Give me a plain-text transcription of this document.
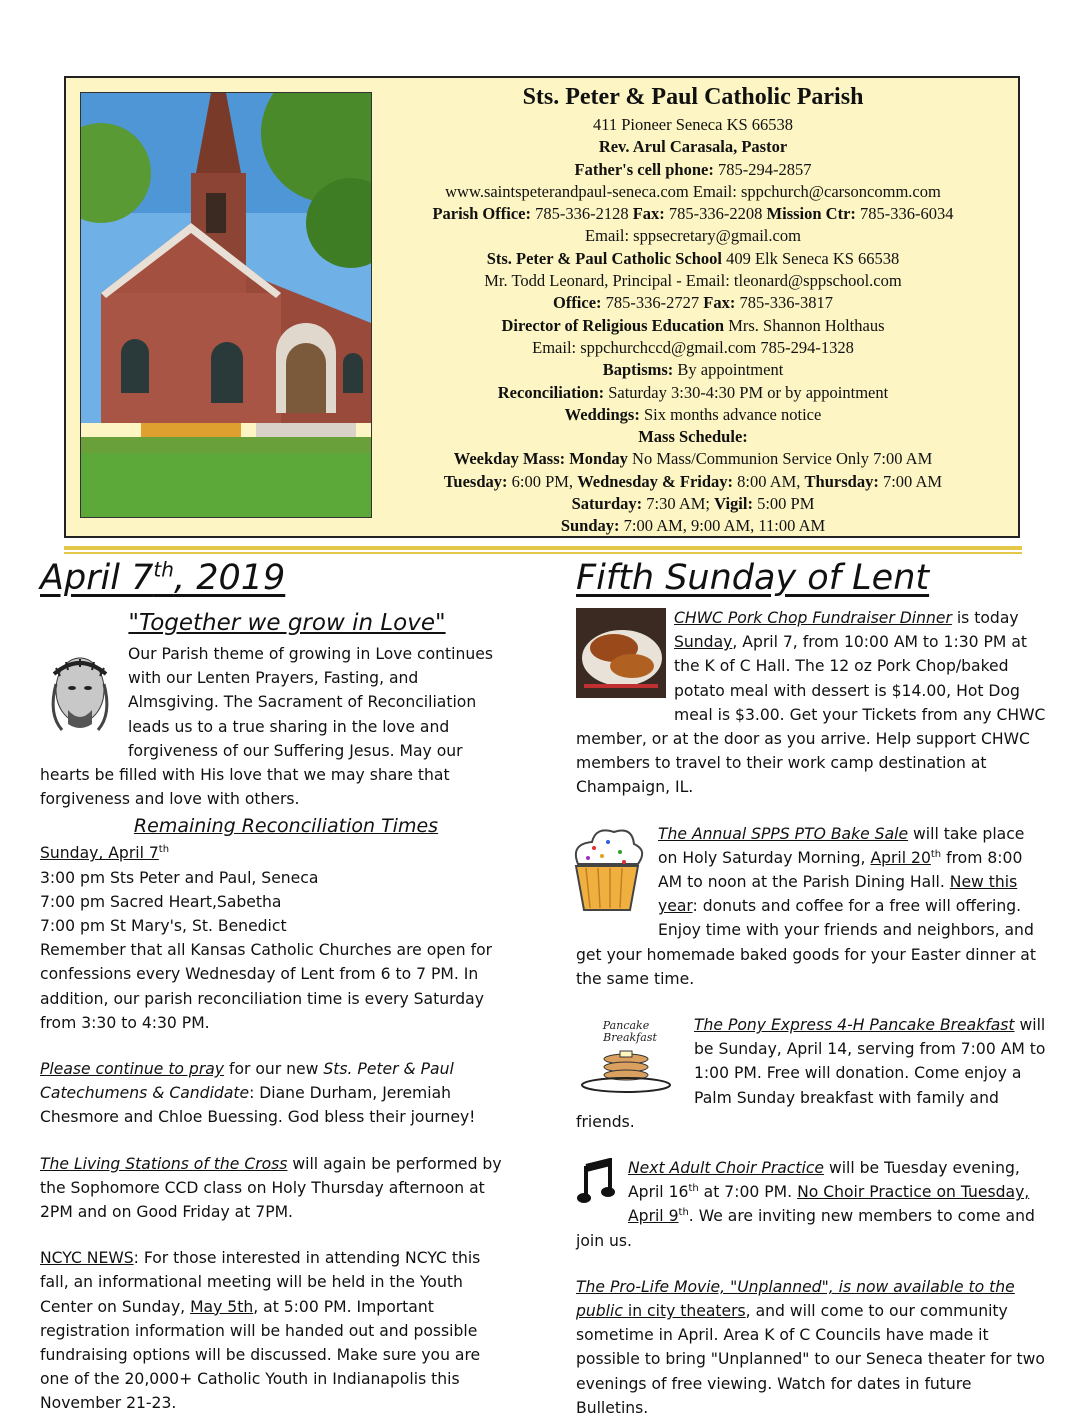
Sts. Peter & Paul Catholic Parish
411 Pioneer Seneca KS 66538
Rev. Arul Carasala, Pastor
Father's cell phone: 785-294-2857
www.saintspeterandpaul-seneca.com Email: sppchurch@carsoncomm.com
Parish Office: 785-336-2128 Fax: 785-336-2208 Mission Ctr: 785-336-6034
Email: sppsecretary@gmail.com
Sts. Peter & Paul Catholic School 409 Elk Seneca KS 66538
Mr. Todd Leonard, Principal - Email: tleonard@sppschool.com
Office: 785-336-2727 Fax: 785-336-3817
Director of Religious Education Mrs. Shannon Holthaus
Email: sppchurchccd@gmail.com 785-294-1328
Baptisms: By appointment
Reconciliation: Saturday 3:30-4:30 PM or by appointment
Weddings: Six months advance notice
Mass Schedule:
Weekday Mass: Monday No Mass/Communion Service Only 7:00 AM
Tuesday: 6:00 PM, Wednesday & Friday: 8:00 AM, Thursday: 7:00 AM
Saturday: 7:30 AM; Vigil: 5:00 PM
Sunday: 7:00 AM, 9:00 AM, 11:00 AM
April 7th, 2019
"Together we grow in Love"

Our Parish theme of growing in Love continues with our Lenten Prayers, Fasting, and Almsgiving. The Sacrament of Reconciliation leads us to a true sharing in the love and forgiveness of our Suffering Jesus. May our hearts be filled with His love that we may share that forgiveness and love with others.

Remaining Reconciliation Times

Sunday, April 7th

3:00 pm Sts Peter and Paul, Seneca

7:00 pm Sacred Heart,Sabetha

7:00 pm St Mary's, St. Benedict

Remember that all Kansas Catholic Churches are open for confessions every Wednesday of Lent from 6 to 7 PM. In addition, our parish reconciliation time is every Saturday from 3:30 to 4:30 PM.

Please continue to pray for our new Sts. Peter & Paul Catechumens & Candidate: Diane Durham, Jeremiah Chesmore and Chloe Buessing. God bless their journey!

The Living Stations of the Cross will again be performed by the Sophomore CCD class on Holy Thursday afternoon at 2PM and on Good Friday at 7PM.

NCYC NEWS: For those interested in attending NCYC this fall, an informational meeting will be held in the Youth Center on Sunday, May 5th, at 5:00 PM. Important registration information will be handed out and possible fundraising options will be discussed. Make sure you are one of the 20,000+ Catholic Youth in Indianapolis this November 21-23.

Fifth Sunday of Lent

CHWC Pork Chop Fundraiser Dinner is today Sunday, April 7, from 10:00 AM to 1:30 PM at the K of C Hall. The 12 oz Pork Chop/baked potato meal with dessert is $14.00, Hot Dog meal is $3.00. Get your Tickets from any CHWC member, or at the door as you arrive. Help support CHWC members to travel to their work camp destination at Champaign, IL.

The Annual SPPS PTO Bake Sale will take place on Holy Saturday Morning, April 20th from 8:00 AM to noon at the Parish Dining Hall. New this year: donuts and coffee for a free will offering. Enjoy time with your friends and neighbors, and get your homemade baked goods for your Easter dinner at the same time.

Pancake
Breakfast

The Pony Express 4-H Pancake Breakfast will be Sunday, April 14, serving from 7:00 AM to 1:00 PM. Free will donation. Come enjoy a Palm Sunday breakfast with family and friends.

Next Adult Choir Practice will be Tuesday evening, April 16th at 7:00 PM. No Choir Practice on Tuesday, April 9th. We are inviting new members to come and join us.

The Pro-Life Movie, "Unplanned", is now available to the public in city theaters, and will come to our community sometime in April. Area K of C Councils have made it possible to bring "Unplanned" to our Seneca theater for two evenings of free viewing. Watch for dates in future Bulletins.
